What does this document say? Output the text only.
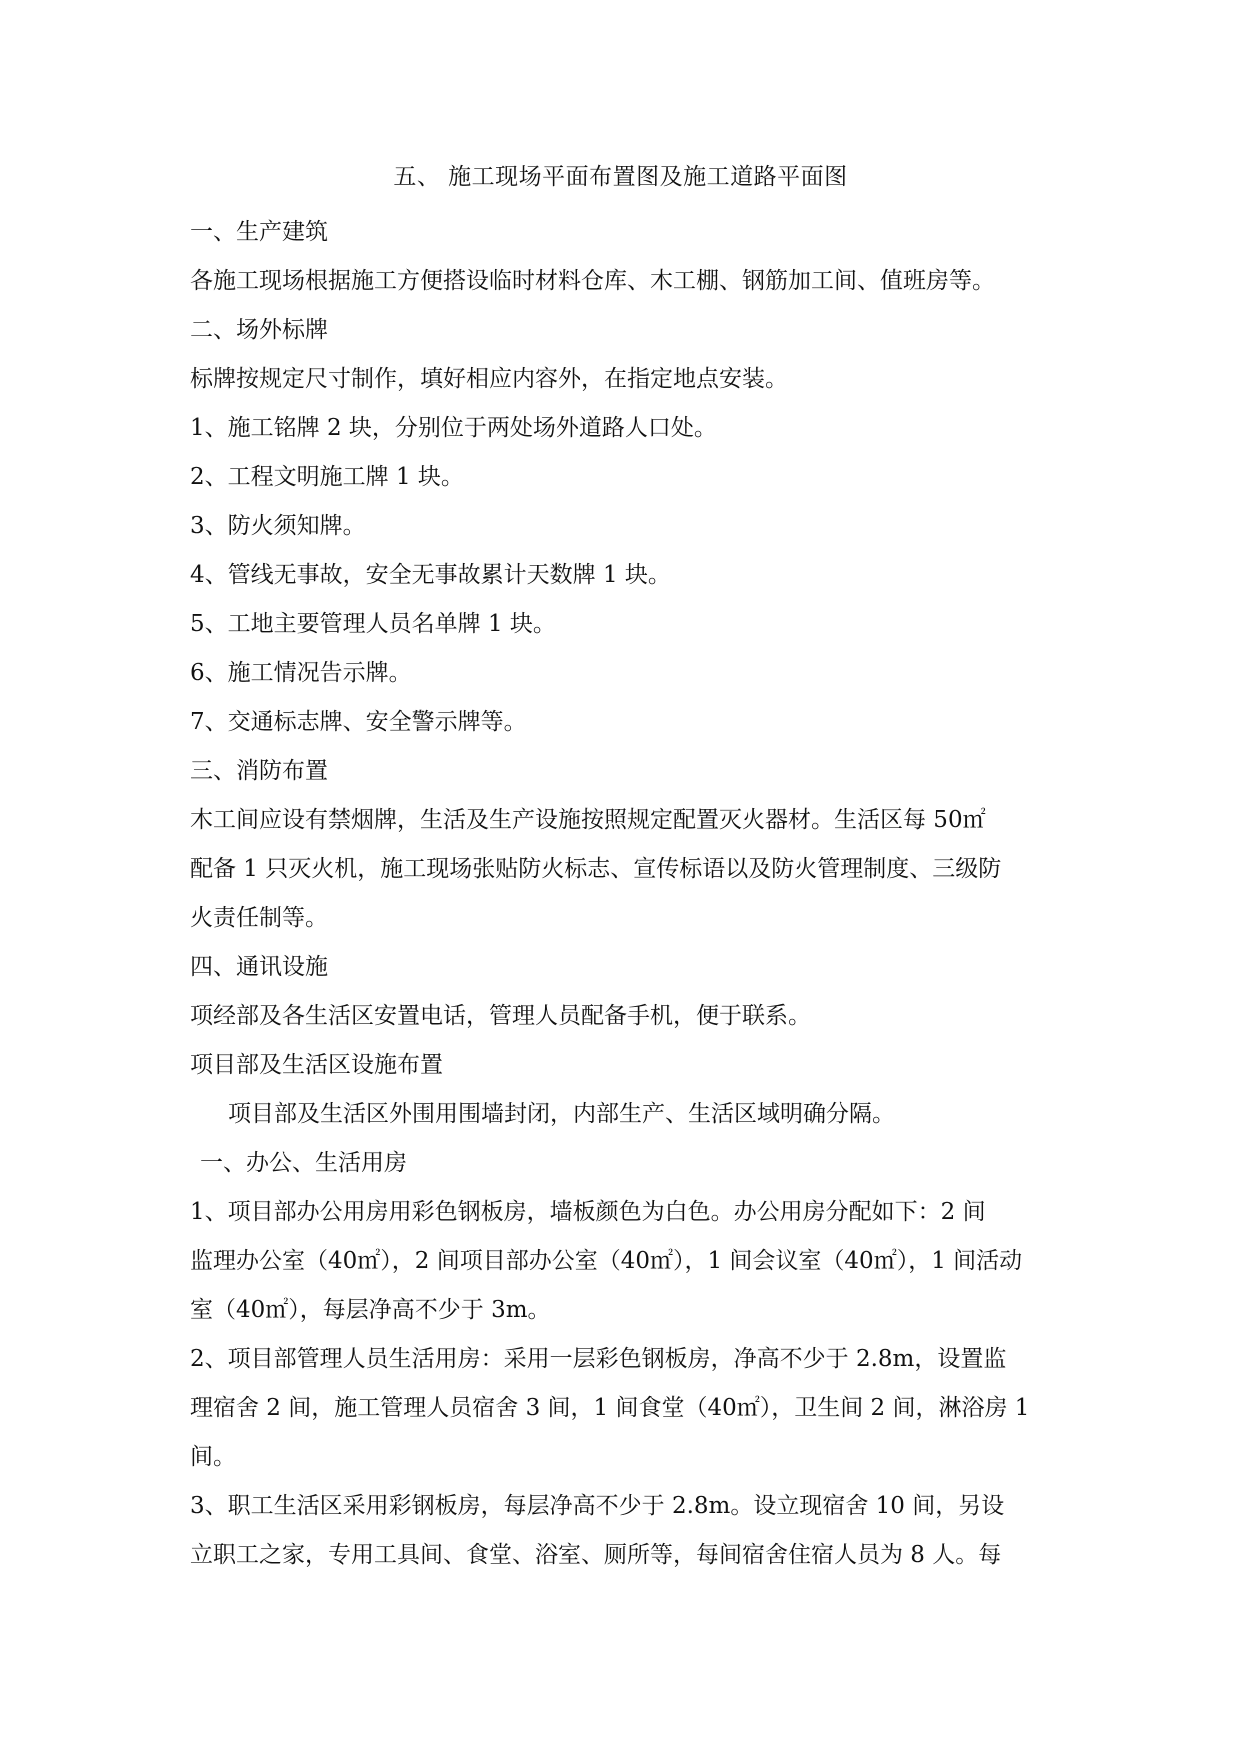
五、 施工现场平面布置图及施工道路平面图

一、生产建筑

各施工现场根据施工方便搭设临时材料仓库、木工棚、钢筋加工间、值班房等。

二、场外标牌

标牌按规定尺寸制作，填好相应内容外，在指定地点安装。

1、施工铭牌 2 块，分别位于两处场外道路人口处。

2、工程文明施工牌 1 块。

3、防火须知牌。

4、管线无事故，安全无事故累计天数牌 1 块。

5、工地主要管理人员名单牌 1 块。

6、施工情况告示牌。

7、交通标志牌、安全警示牌等。

三、消防布置

木工间应设有禁烟牌，生活及生产设施按照规定配置灭火器材。生活区每 50㎡

配备 1 只灭火机，施工现场张贴防火标志、宣传标语以及防火管理制度、三级防

火责任制等。

四、通讯设施

项经部及各生活区安置电话，管理人员配备手机，便于联系。

项目部及生活区设施布置

项目部及生活区外围用围墙封闭，内部生产、生活区域明确分隔。

一、办公、生活用房

1、项目部办公用房用彩色钢板房，墙板颜色为白色。办公用房分配如下：2 间

监理办公室（40㎡），2 间项目部办公室（40㎡），1 间会议室（40㎡），1 间活动

室（40㎡），每层净高不少于 3m。

2、项目部管理人员生活用房：采用一层彩色钢板房，净高不少于 2.8m，设置监

理宿舍 2 间，施工管理人员宿舍 3 间，1 间食堂（40㎡），卫生间 2 间，淋浴房 1

间。

3、职工生活区采用彩钢板房，每层净高不少于 2.8m。设立现宿舍 10 间，另设

立职工之家，专用工具间、食堂、浴室、厕所等，每间宿舍住宿人员为 8 人。每
